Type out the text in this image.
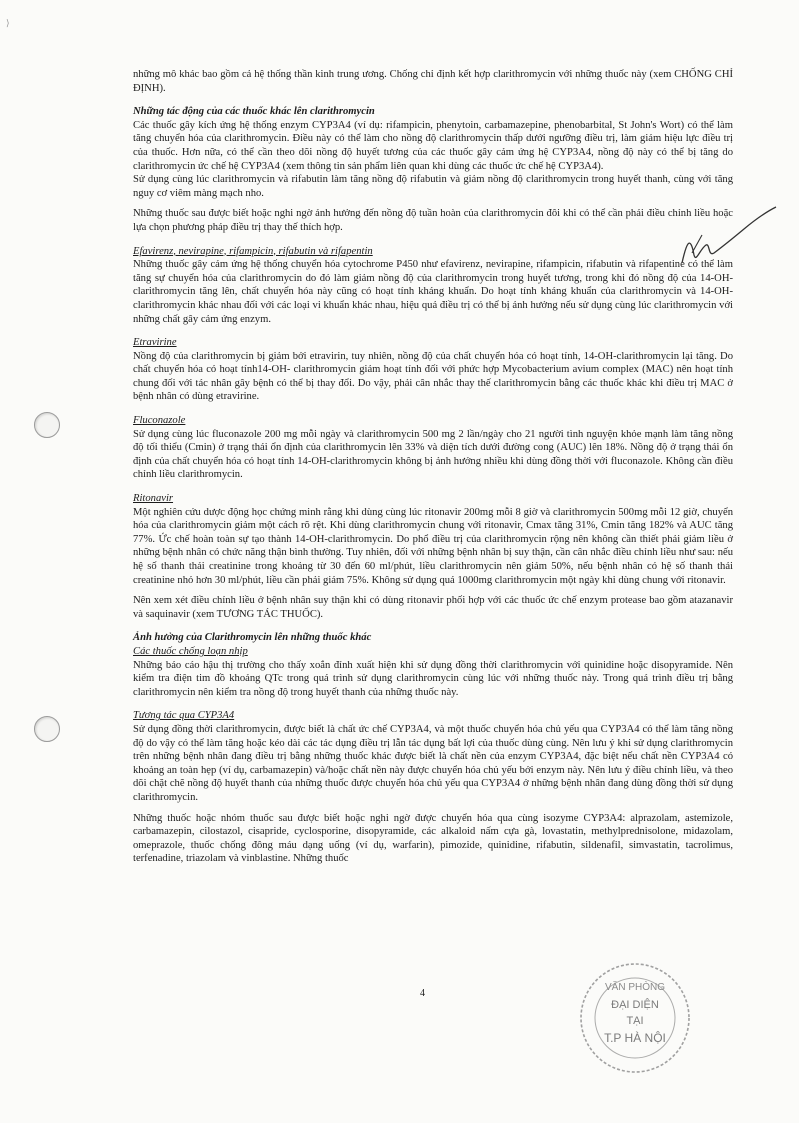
⟩

những mô khác bao gồm cả hệ thống thần kinh trung ương. Chống chỉ định kết hợp clarithromycin với những thuốc này (xem CHỐNG CHỈ ĐỊNH).

Những tác động của các thuốc khác lên clarithromycin

Các thuốc gây kích ứng hệ thống enzym CYP3A4 (ví dụ: rifampicin, phenytoin, carbamazepine, phenobarbital, St John's Wort) có thể làm tăng chuyển hóa của clarithromycin. Điều này có thể làm cho nồng độ clarithromycin thấp dưới ngưỡng điều trị, làm giảm hiệu lực điều trị của thuốc. Hơn nữa, có thể cần theo dõi nồng độ huyết tương của các thuốc gây cảm ứng hệ CYP3A4, nồng độ này có thể bị tăng do clarithromycin ức chế hệ CYP3A4 (xem thông tin sản phẩm liên quan khi dùng các thuốc ức chế hệ CYP3A4).

Sử dụng cùng lúc clarithromycin và rifabutin làm tăng nồng độ rifabutin và giảm nồng độ clarithromycin trong huyết thanh, cùng với tăng nguy cơ viêm màng mạch nho.

Những thuốc sau được biết hoặc nghi ngờ ảnh hưởng đến nồng độ tuần hoàn của clarithromycin đôi khi có thể cần phải điều chỉnh liều hoặc lựa chọn phương pháp điều trị thay thế thích hợp.

Efavirenz, nevirapine, rifampicin, rifabutin và rifapentin

Những thuốc gây cảm ứng hệ thống chuyển hóa cytochrome P450 như efavirenz, nevirapine, rifampicin, rifabutin và rifapentine có thể làm tăng sự chuyển hóa của clarithromycin do đó làm giảm nồng độ của clarithromycin trong huyết tương, trong khi đó nồng độ của 14-OH-clarithromycin tăng lên, chất chuyển hóa này cũng có hoạt tính kháng khuẩn. Do hoạt tính kháng khuẩn của clarithromycin và 14-OH-clarithromycin khác nhau đối với các loại vi khuẩn khác nhau, hiệu quả điều trị có thể bị ảnh hưởng nếu sử dụng cùng lúc clarithromycin với những chất gây cảm ứng enzym.

Etravirine

Nồng độ của clarithromycin bị giảm bởi etravirin, tuy nhiên, nồng độ của chất chuyển hóa có hoạt tính, 14-OH-clarithromycin lại tăng. Do chất chuyển hóa có hoạt tính14-OH- clarithromycin giảm hoạt tính đối với phức hợp Mycobacterium avium complex (MAC) nên hoạt tính chung đối với tác nhân gây bệnh có thể bị thay đổi. Do vậy, phải cân nhắc thay thế clarithromycin bằng các thuốc khác khi điều trị MAC ở bệnh nhân có dùng etravirine.

Fluconazole

Sử dụng cùng lúc fluconazole 200 mg mỗi ngày và clarithromycin 500 mg 2 lần/ngày cho 21 người tình nguyện khỏe mạnh làm tăng nồng độ tối thiểu (Cmin) ở trạng thái ổn định của clarithromycin lên 33% và diện tích dưới đường cong (AUC) lên 18%. Nồng độ ở trạng thái ổn định của chất chuyển hóa có hoạt tính 14-OH-clarithromycin không bị ảnh hưởng nhiều khi dùng đồng thời với fluconazole. Không cần điều chỉnh liều clarithromycin.

Ritonavir

Một nghiên cứu dược động học chứng minh rằng khi dùng cùng lúc ritonavir 200mg mỗi 8 giờ và clarithromycin 500mg mỗi 12 giờ, chuyển hóa của clarithromycin giảm một cách rõ rệt. Khi dùng clarithromycin chung với ritonavir, Cmax tăng 31%, Cmin tăng 182% và AUC tăng 77%. Ức chế hoàn toàn sự tạo thành 14-OH-clarithromycin. Do phổ điều trị của clarithromycin rộng nên không cần thiết phải giảm liều ở những bệnh nhân có chức năng thận bình thường. Tuy nhiên, đối với những bệnh nhân bị suy thận, cần cân nhắc điều chỉnh liều như sau: nếu hệ số thanh thải creatinine trong khoảng từ 30 đến 60 ml/phút, liều clarithromycin nên giảm 50%, nếu bệnh nhân có hệ số thanh thải creatinine nhỏ hơn 30 ml/phút, liều cần phải giảm 75%. Không sử dụng quá 1000mg clarithromycin một ngày khi dùng chung với ritonavir.

Nên xem xét điều chỉnh liều ở bệnh nhân suy thận khi có dùng ritonavir phối hợp với các thuốc ức chế enzym protease bao gồm atazanavir và saquinavir (xem TƯƠNG TÁC THUỐC).

Ảnh hưởng của Clarithromycin lên những thuốc khác

Các thuốc chống loạn nhịp

Những báo cáo hậu thị trường cho thấy xoắn đỉnh xuất hiện khi sử dụng đồng thời clarithromycin với quinidine hoặc disopyramide. Nên kiểm tra điện tim đồ khoảng QTc trong quá trình sử dụng clarithromycin cùng lúc với những thuốc này. Trong quá trình điều trị bằng clarithromycin nên kiểm tra nồng độ trong huyết thanh của những thuốc này.

Tương tác qua CYP3A4

Sử dụng đồng thời clarithromycin, được biết là chất ức chế CYP3A4, và một thuốc chuyển hóa chủ yếu qua CYP3A4 có thể làm tăng nồng độ do vậy có thể làm tăng hoặc kéo dài các tác dụng điều trị lẫn tác dụng bất lợi của thuốc dùng cùng. Nên lưu ý khi sử dụng clarithromycin trên những bệnh nhân đang điều trị bằng những thuốc khác được biết là chất nền của enzym CYP3A4, đặc biệt nếu chất nền CYP3A4 có khoảng an toàn hẹp (ví dụ, carbamazepin) và/hoặc chất nền này được chuyển hóa chủ yếu bởi enzym này. Nên lưu ý điều chỉnh liều, và theo dõi chặt chẽ nồng độ huyết thanh của những thuốc được chuyển hóa chủ yếu qua CYP3A4 ở những bệnh nhân đang dùng đồng thời sử dụng clarithromycin.

Những thuốc hoặc nhóm thuốc sau được biết hoặc nghi ngờ được chuyển hóa qua cùng isozyme CYP3A4: alprazolam, astemizole, carbamazepin, cilostazol, cisapride, cyclosporine, disopyramide, các alkaloid nấm cựa gà, lovastatin, methylprednisolone, midazolam, omeprazole, thuốc chống đông máu dạng uống (ví dụ, warfarin), pimozide, quinidine, rifabutin, sildenafil, simvastatin, tacrolimus, terfenadine, triazolam và vinblastine. Những thuốc

4
VĂN PHÒNG
ĐẠI DIỆN
TẠI
T.P HÀ NỘI
